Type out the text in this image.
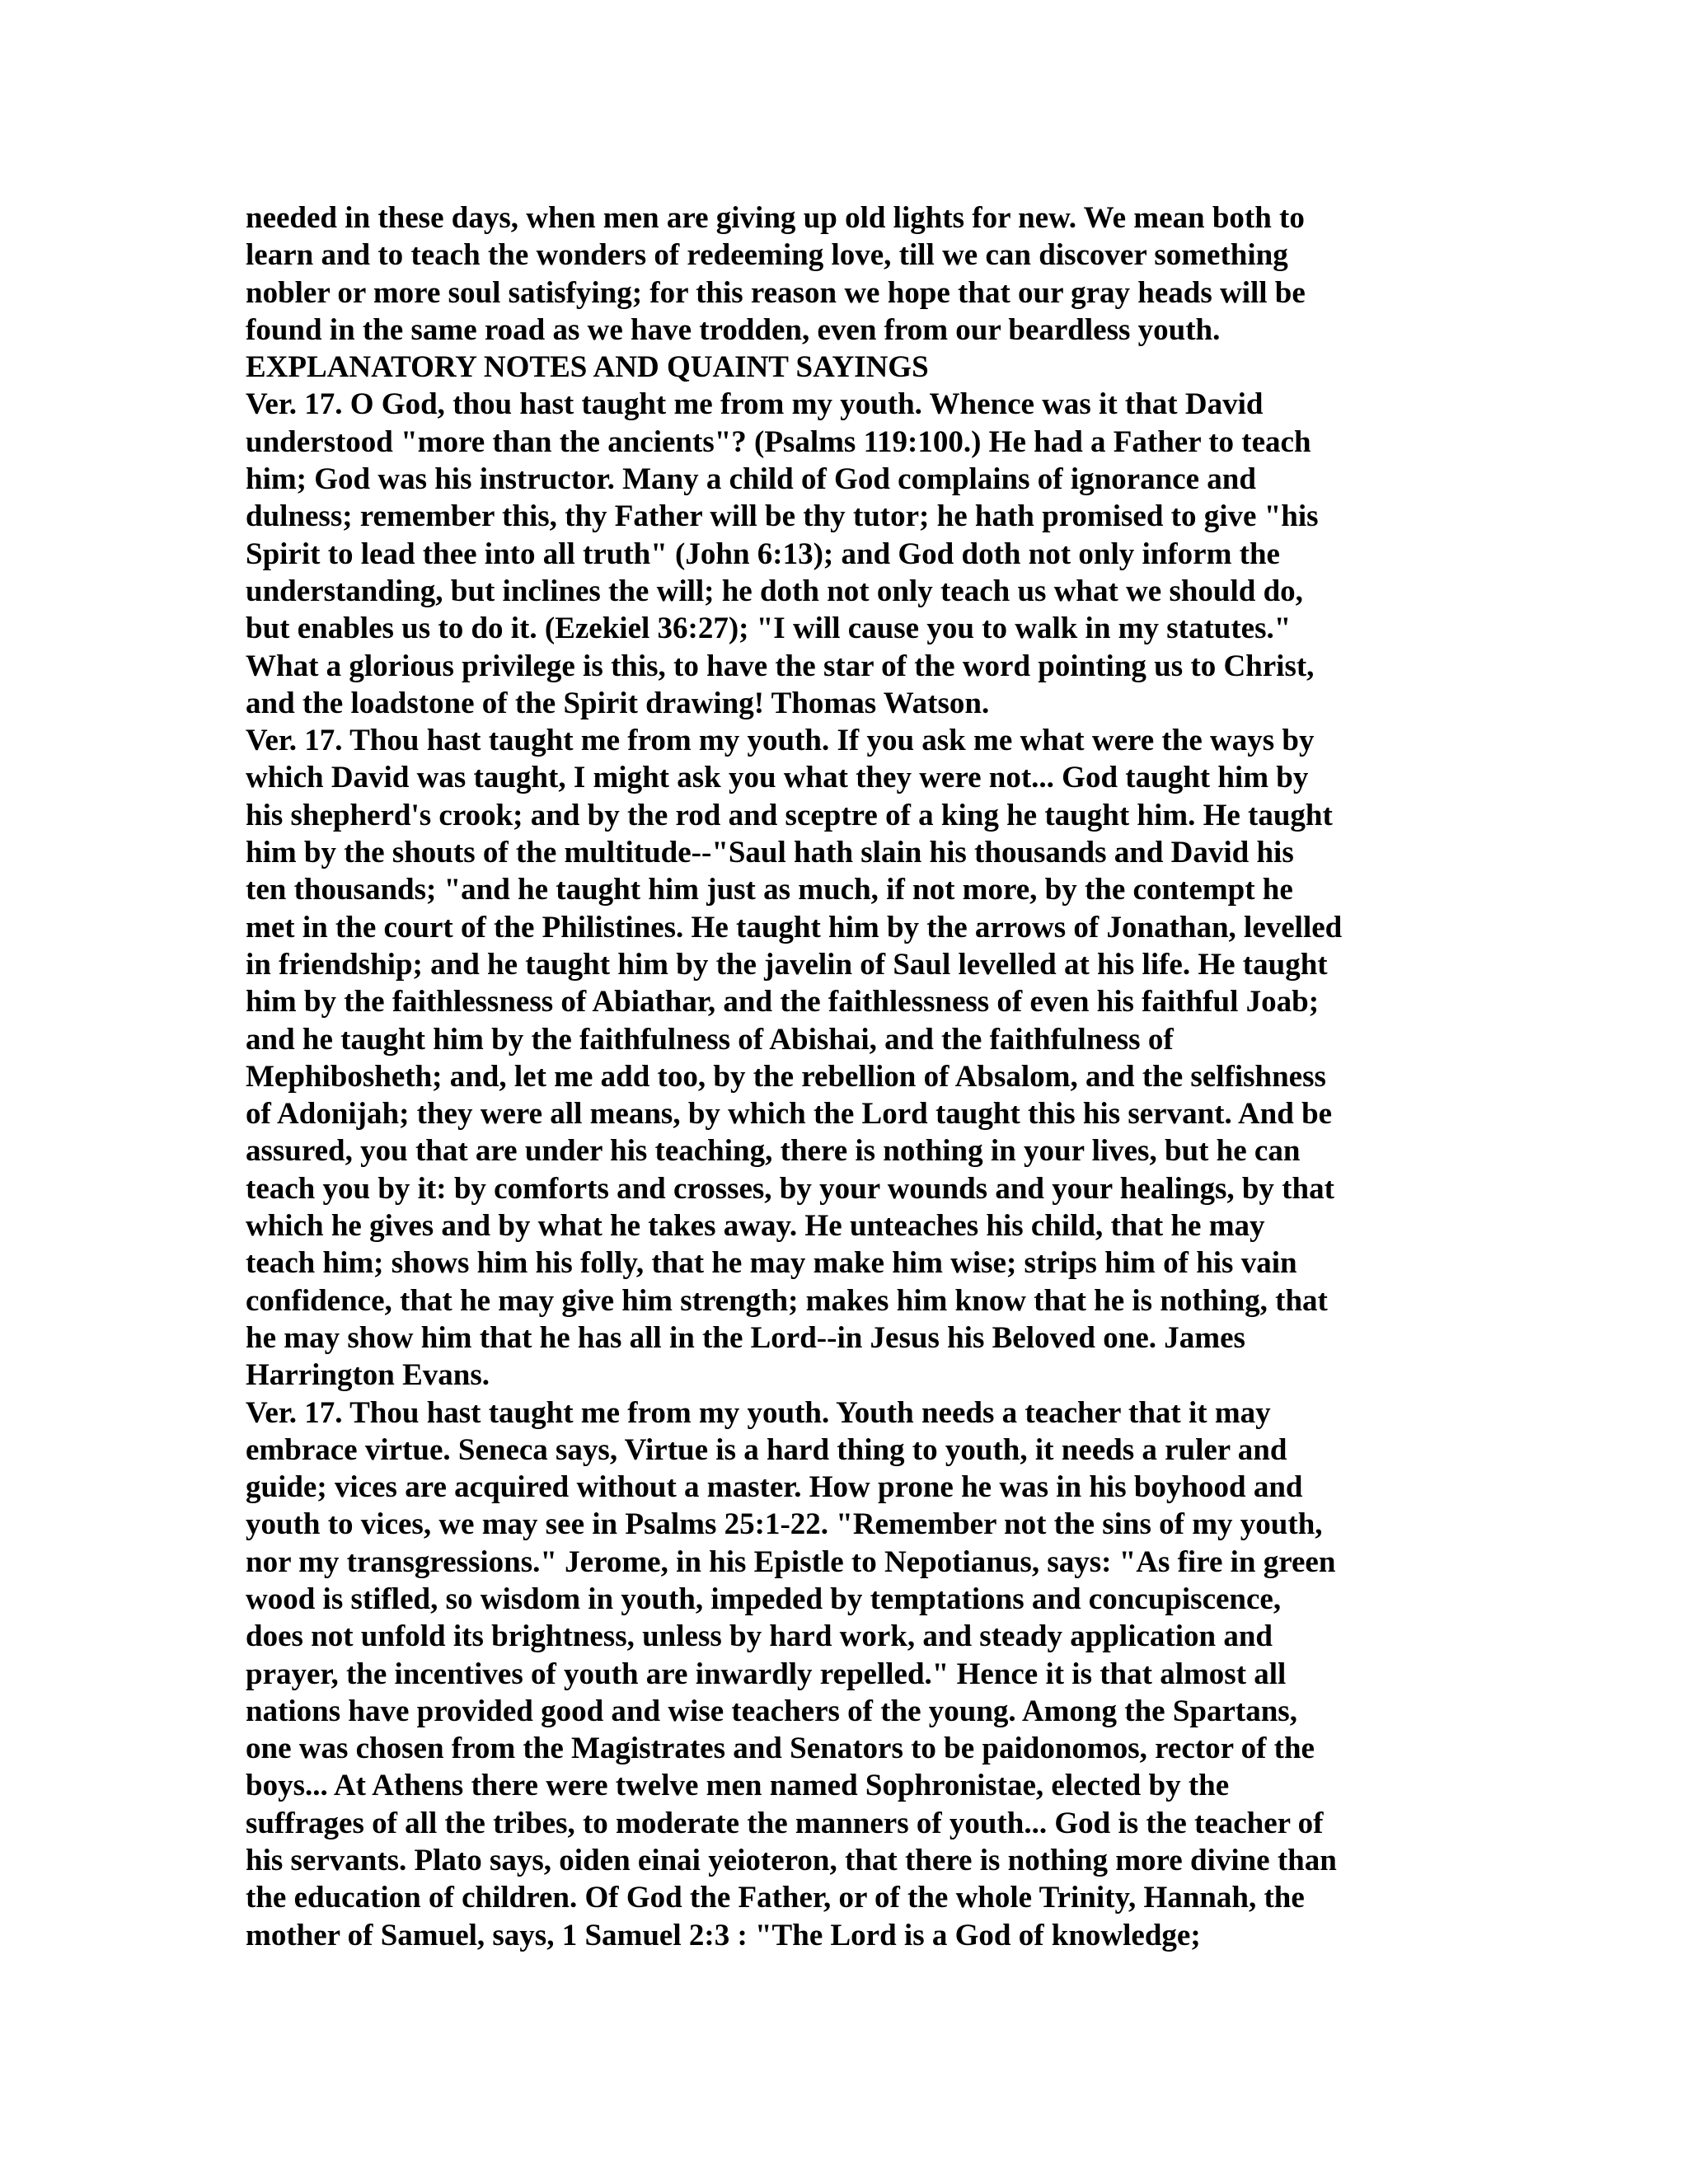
needed in these days, when men are giving up old lights for new. We mean both to
learn and to teach the wonders of redeeming love, till we can discover something
nobler or more soul satisfying; for this reason we hope that our gray heads will be
found in the same road as we have trodden, even from our beardless youth.
EXPLANATORY NOTES AND QUAINT SAYINGS
Ver. 17. O God, thou hast taught me from my youth. Whence was it that David
understood "more than the ancients"? (Psalms 119:100.) He had a Father to teach
him; God was his instructor. Many a child of God complains of ignorance and
dulness; remember this, thy Father will be thy tutor; he hath promised to give "his
Spirit to lead thee into all truth" (John 6:13); and God doth not only inform the
understanding, but inclines the will; he doth not only teach us what we should do,
but enables us to do it. (Ezekiel 36:27); "I will cause you to walk in my statutes."
What a glorious privilege is this, to have the star of the word pointing us to Christ,
and the loadstone of the Spirit drawing! Thomas Watson.
Ver. 17. Thou hast taught me from my youth. If you ask me what were the ways by
which David was taught, I might ask you what they were not... God taught him by
his shepherd's crook; and by the rod and sceptre of a king he taught him. He taught
him by the shouts of the multitude--"Saul hath slain his thousands and David his
ten thousands; "and he taught him just as much, if not more, by the contempt he
met in the court of the Philistines. He taught him by the arrows of Jonathan, levelled
in friendship; and he taught him by the javelin of Saul levelled at his life. He taught
him by the faithlessness of Abiathar, and the faithlessness of even his faithful Joab;
and he taught him by the faithfulness of Abishai, and the faithfulness of
Mephibosheth; and, let me add too, by the rebellion of Absalom, and the selfishness
of Adonijah; they were all means, by which the Lord taught this his servant. And be
assured, you that are under his teaching, there is nothing in your lives, but he can
teach you by it: by comforts and crosses, by your wounds and your healings, by that
which he gives and by what he takes away. He unteaches his child, that he may
teach him; shows him his folly, that he may make him wise; strips him of his vain
confidence, that he may give him strength; makes him know that he is nothing, that
he may show him that he has all in the Lord--in Jesus his Beloved one. James
Harrington Evans.
Ver. 17. Thou hast taught me from my youth. Youth needs a teacher that it may
embrace virtue. Seneca says, Virtue is a hard thing to youth, it needs a ruler and
guide; vices are acquired without a master. How prone he was in his boyhood and
youth to vices, we may see in Psalms 25:1-22. "Remember not the sins of my youth,
nor my transgressions." Jerome, in his Epistle to Nepotianus, says: "As fire in green
wood is stifled, so wisdom in youth, impeded by temptations and concupiscence,
does not unfold its brightness, unless by hard work, and steady application and
prayer, the incentives of youth are inwardly repelled." Hence it is that almost all
nations have provided good and wise teachers of the young. Among the Spartans,
one was chosen from the Magistrates and Senators to be paidonomos, rector of the
boys... At Athens there were twelve men named Sophronistae, elected by the
suffrages of all the tribes, to moderate the manners of youth... God is the teacher of
his servants. Plato says, oiden einai yeioteron, that there is nothing more divine than
the education of children. Of God the Father, or of the whole Trinity, Hannah, the
mother of Samuel, says, 1 Samuel 2:3 : "The Lord is a God of knowledge;
